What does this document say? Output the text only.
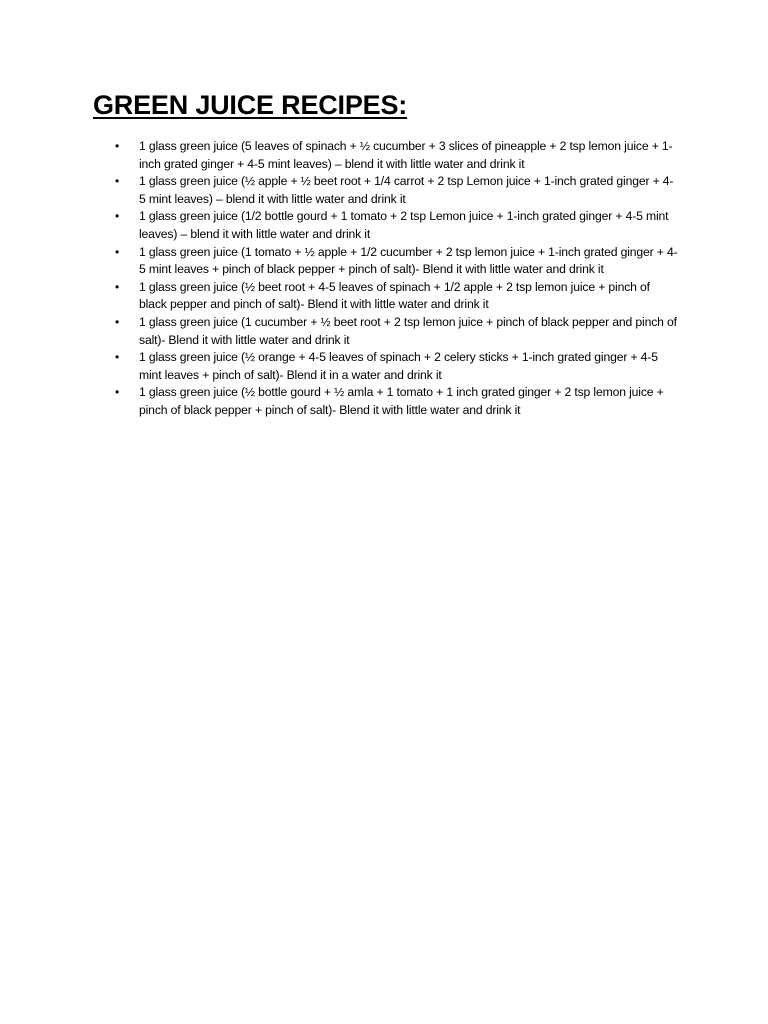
GREEN JUICE RECIPES:
• 1 glass green juice (5 leaves of spinach + ½ cucumber + 3 slices of pineapple + 2 tsp lemon juice + 1-inch grated ginger + 4-5 mint leaves) – blend it with little water and drink it
• 1 glass green juice (½ apple + ½ beet root + 1/4 carrot + 2 tsp Lemon juice + 1-inch grated ginger + 4-5 mint leaves) – blend it with little water and drink it
• 1 glass green juice (1/2 bottle gourd + 1 tomato + 2 tsp Lemon juice + 1-inch grated ginger + 4-5 mint leaves) – blend it with little water and drink it
• 1 glass green juice (1 tomato + ½ apple + 1/2 cucumber + 2 tsp lemon juice + 1-inch grated ginger + 4-5 mint leaves + pinch of black pepper + pinch of salt)- Blend it with little water and drink it
• 1 glass green juice (½ beet root + 4-5 leaves of spinach + 1/2 apple + 2 tsp lemon juice + pinch of black pepper and pinch of salt)- Blend it with little water and drink it
• 1 glass green juice (1 cucumber + ½ beet root + 2 tsp lemon juice + pinch of black pepper and pinch of salt)- Blend it with little water and drink it
• 1 glass green juice (½ orange + 4-5 leaves of spinach + 2 celery sticks + 1-inch grated ginger + 4-5 mint leaves + pinch of salt)- Blend it in a water and drink it
• 1 glass green juice (½ bottle gourd + ½ amla + 1 tomato + 1 inch grated ginger + 2 tsp lemon juice + pinch of black pepper + pinch of salt)- Blend it with little water and drink it
